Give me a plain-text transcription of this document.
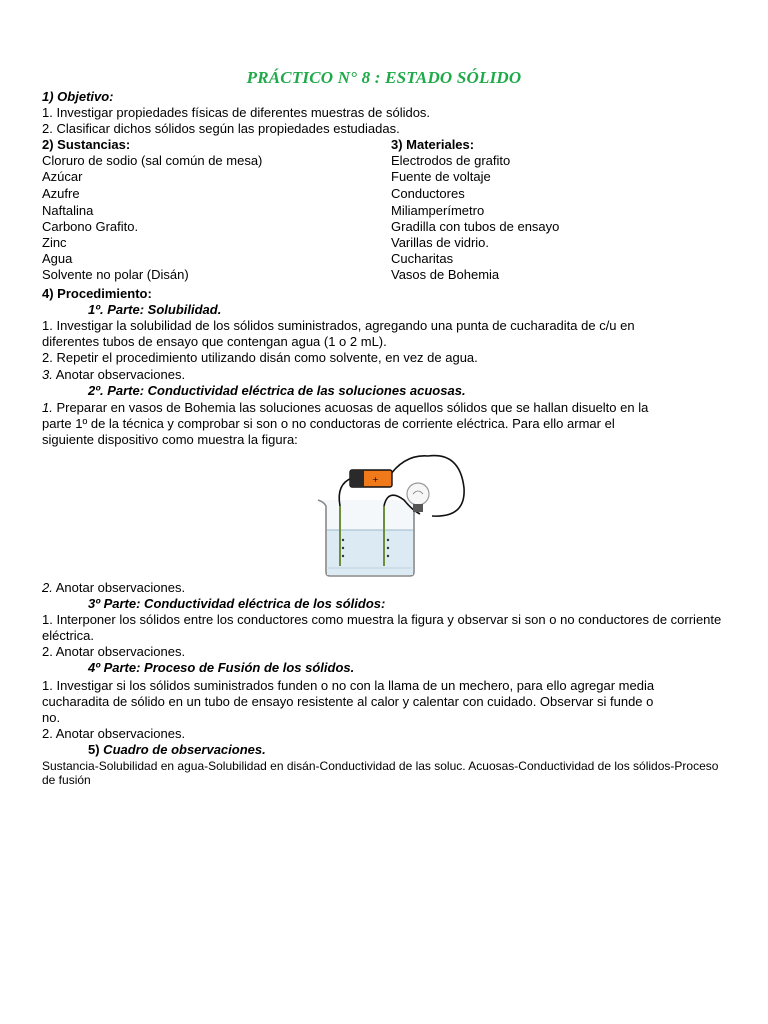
PRÁCTICO N° 8 : ESTADO SÓLIDO
1) Objetivo:
1. Investigar propiedades físicas de diferentes muestras de sólidos.
2. Clasificar dichos sólidos según las propiedades estudiadas.
2) Sustancias:	3) Materiales:
Cloruro de sodio (sal común de mesa)
Azúcar
Azufre
Naftalina
Carbono Grafito.
Zinc
Agua
Solvente no polar (Disán)
Electrodos de grafito
Fuente de voltaje
Conductores
Miliamperímetro
Gradilla con tubos de ensayo
Varillas de vidrio.
Cucharitas
Vasos de Bohemia
4) Procedimiento:
1º. Parte: Solubilidad.
1. Investigar la solubilidad de los sólidos suministrados, agregando una punta de cucharadita de c/u en
diferentes tubos de ensayo que contengan agua (1 o 2 mL).
2. Repetir el procedimiento utilizando disán como solvente, en vez de agua.
3. Anotar observaciones.
2º. Parte: Conductividad eléctrica de las soluciones acuosas.
1. Preparar en vasos de Bohemia las soluciones acuosas de aquellos sólidos que se hallan disuelto en la
parte 1º de la técnica y comprobar si son o no conductoras de corriente eléctrica. Para ello armar el
siguiente dispositivo como muestra la figura:
+
2. Anotar observaciones.
3º Parte: Conductividad eléctrica de los sólidos:
1. Interponer los sólidos entre los conductores como muestra la figura y observar si son o no conductores de corriente
eléctrica.
2. Anotar observaciones.
4º Parte: Proceso de Fusión de los sólidos.
1. Investigar si los sólidos suministrados funden o no con la llama de un mechero, para ello agregar media
cucharadita de sólido en un tubo de ensayo resistente al calor y calentar con cuidado. Observar si funde o
no.
2. Anotar observaciones.
5) Cuadro de observaciones.
Sustancia-Solubilidad en agua-Solubilidad en disán-Conductividad de las soluc. Acuosas-Conductividad de los sólidos-Proceso de fusión
